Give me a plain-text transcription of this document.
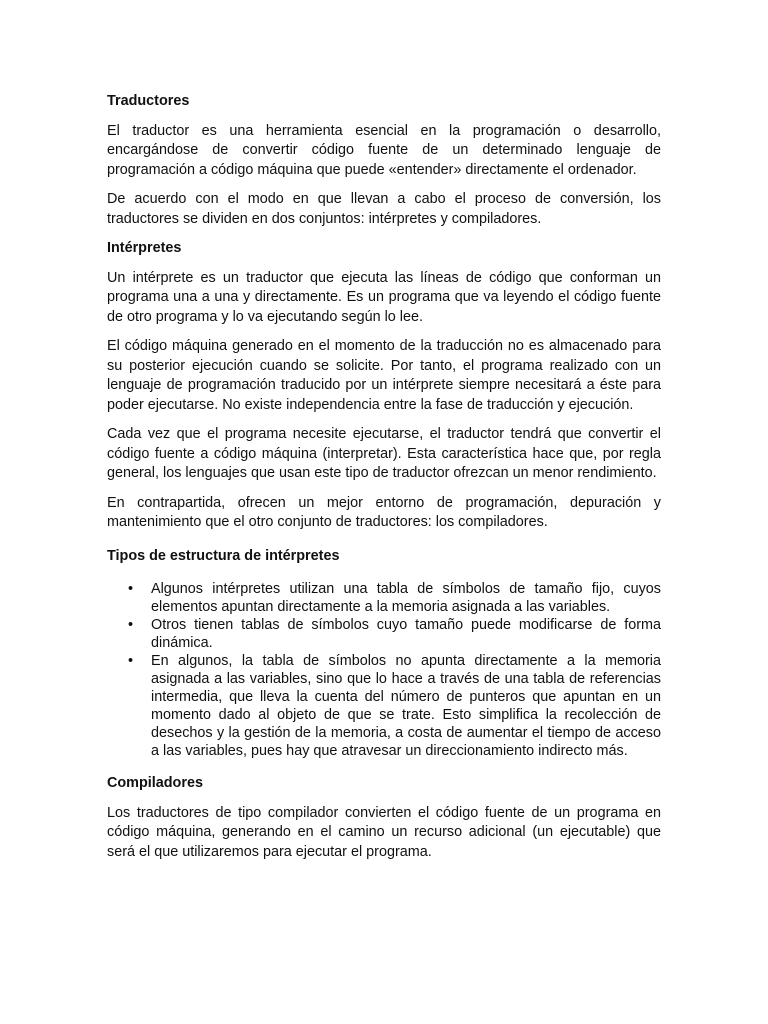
Traductores

El traductor es una herramienta esencial en la programación o desarrollo, encargándose de convertir código fuente de un determinado lenguaje de programación a código máquina que puede «entender» directamente el ordenador.

De acuerdo con el modo en que llevan a cabo el proceso de conversión, los traductores se dividen en dos conjuntos: intérpretes y compiladores.

Intérpretes

Un intérprete es un traductor que ejecuta las líneas de código que conforman un programa una a una y directamente. Es un programa que va leyendo el código fuente de otro programa y lo va ejecutando según lo lee.

El código máquina generado en el momento de la traducción no es almacenado para su posterior ejecución cuando se solicite. Por tanto, el programa realizado con un lenguaje de programación traducido por un intérprete siempre necesitará a éste para poder ejecutarse. No existe independencia entre la fase de traducción y ejecución.

Cada vez que el programa necesite ejecutarse, el traductor tendrá que convertir el código fuente a código máquina (interpretar). Esta característica hace que, por regla general, los lenguajes que usan este tipo de traductor ofrezcan un menor rendimiento.

En contrapartida, ofrecen un mejor entorno de programación, depuración y mantenimiento que el otro conjunto de traductores: los compiladores.

Tipos de estructura de intérpretes
• Algunos intérpretes utilizan una tabla de símbolos de tamaño fijo, cuyos elementos apuntan directamente a la memoria asignada a las variables.
• Otros tienen tablas de símbolos cuyo tamaño puede modificarse de forma dinámica.
• En algunos, la tabla de símbolos no apunta directamente a la memoria asignada a las variables, sino que lo hace a través de una tabla de referencias intermedia, que lleva la cuenta del número de punteros que apuntan en un momento dado al objeto de que se trate. Esto simplifica la recolección de desechos y la gestión de la memoria, a costa de aumentar el tiempo de acceso a las variables, pues hay que atravesar un direccionamiento indirecto más.
Compiladores

Los traductores de tipo compilador convierten el código fuente de un programa en código máquina, generando en el camino un recurso adicional (un ejecutable) que será el que utilizaremos para ejecutar el programa.
